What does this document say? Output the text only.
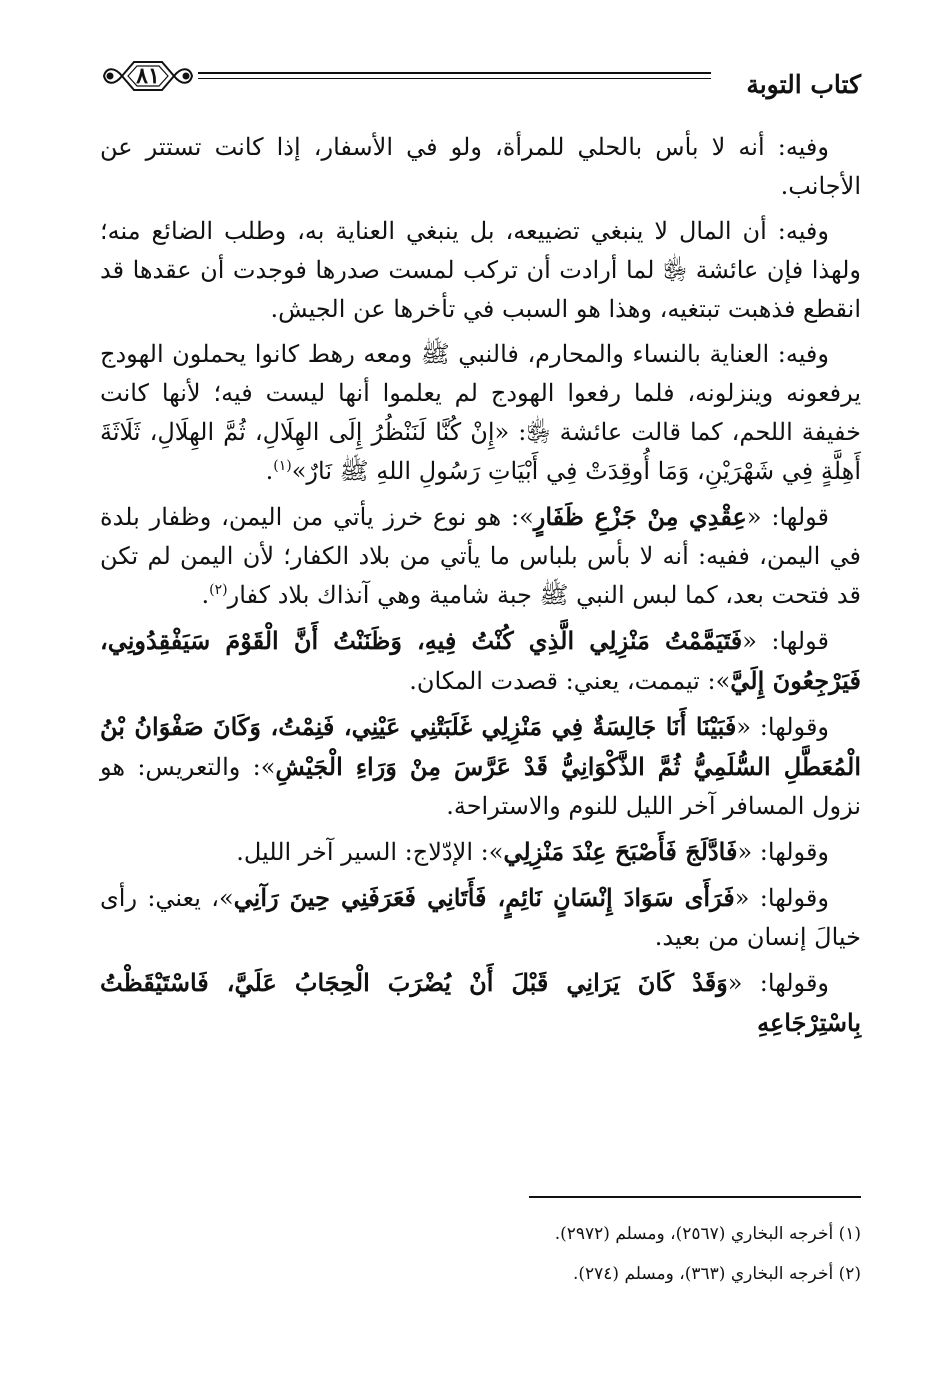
كتاب التوبة
٨١

وفيه: أنه لا بأس بالحلي للمرأة، ولو في الأسفار، إذا كانت تستتر عن الأجانب.

وفيه: أن المال لا ينبغي تضييعه، بل ينبغي العناية به، وطلب الضائع منه؛ ولهذا فإن عائشة ﵂ لما أرادت أن تركب لمست صدرها فوجدت أن عقدها قد انقطع فذهبت تبتغيه، وهذا هو السبب في تأخرها عن الجيش.

وفيه: العناية بالنساء والمحارم، فالنبي ﷺ ومعه رهط كانوا يحملون الهودج يرفعونه وينزلونه، فلما رفعوا الهودج لم يعلموا أنها ليست فيه؛ لأنها كانت خفيفة اللحم، كما قالت عائشة ﵂: «إِنْ كُنَّا لَنَنْظُرُ إِلَى الهِلَالِ، ثُمَّ الهِلَالِ، ثَلَاثَةَ أَهِلَّةٍ فِي شَهْرَيْنِ، وَمَا أُوقِدَتْ فِي أَبْيَاتِ رَسُولِ اللهِ ﷺ نَارٌ»$^{(١)}$.

قولها: «عِقْدِي مِنْ جَزْعِ ظَفَارٍ»: هو نوع خرز يأتي من اليمن، وظفار بلدة في اليمن، ففيه: أنه لا بأس بلباس ما يأتي من بلاد الكفار؛ لأن اليمن لم تكن قد فتحت بعد، كما لبس النبي ﷺ جبة شامية وهي آنذاك بلاد كفار$^{(٢)}$.

قولها: «فَتَيَمَّمْتُ مَنْزِلِي الَّذِي كُنْتُ فِيهِ، وَظَنَنْتُ أَنَّ الْقَوْمَ سَيَفْقِدُونِي، فَيَرْجِعُونَ إِلَيَّ»: تيممت، يعني: قصدت المكان.

وقولها: «فَبَيْنَا أَنَا جَالِسَةٌ فِي مَنْزِلِي غَلَبَتْنِي عَيْنِي، فَنِمْتُ، وَكَانَ صَفْوَانُ بْنُ الْمُعَطَّلِ السُّلَمِيُّ ثُمَّ الذَّكْوَانِيُّ قَدْ عَرَّسَ مِنْ وَرَاءِ الْجَيْشِ»: والتعريس: هو نزول المسافر آخر الليل للنوم والاستراحة.

وقولها: «فَادَّلَجَ فَأَصْبَحَ عِنْدَ مَنْزِلِي»: الإدّلاج: السير آخر الليل.

وقولها: «فَرَأَى سَوَادَ إِنْسَانٍ نَائِمٍ، فَأَتَانِي فَعَرَفَنِي حِينَ رَآنِي»، يعني: رأى خيالَ إنسان من بعيد.

وقولها: «وَقَدْ كَانَ يَرَانِي قَبْلَ أَنْ يُضْرَبَ الْحِجَابُ عَلَيَّ، فَاسْتَيْقَظْتُ بِاسْتِرْجَاعِهِ

(١) أخرجه البخاري (٢٥٦٧)، ومسلم (٢٩٧٢).
(٢) أخرجه البخاري (٣٦٣)، ومسلم (٢٧٤).
